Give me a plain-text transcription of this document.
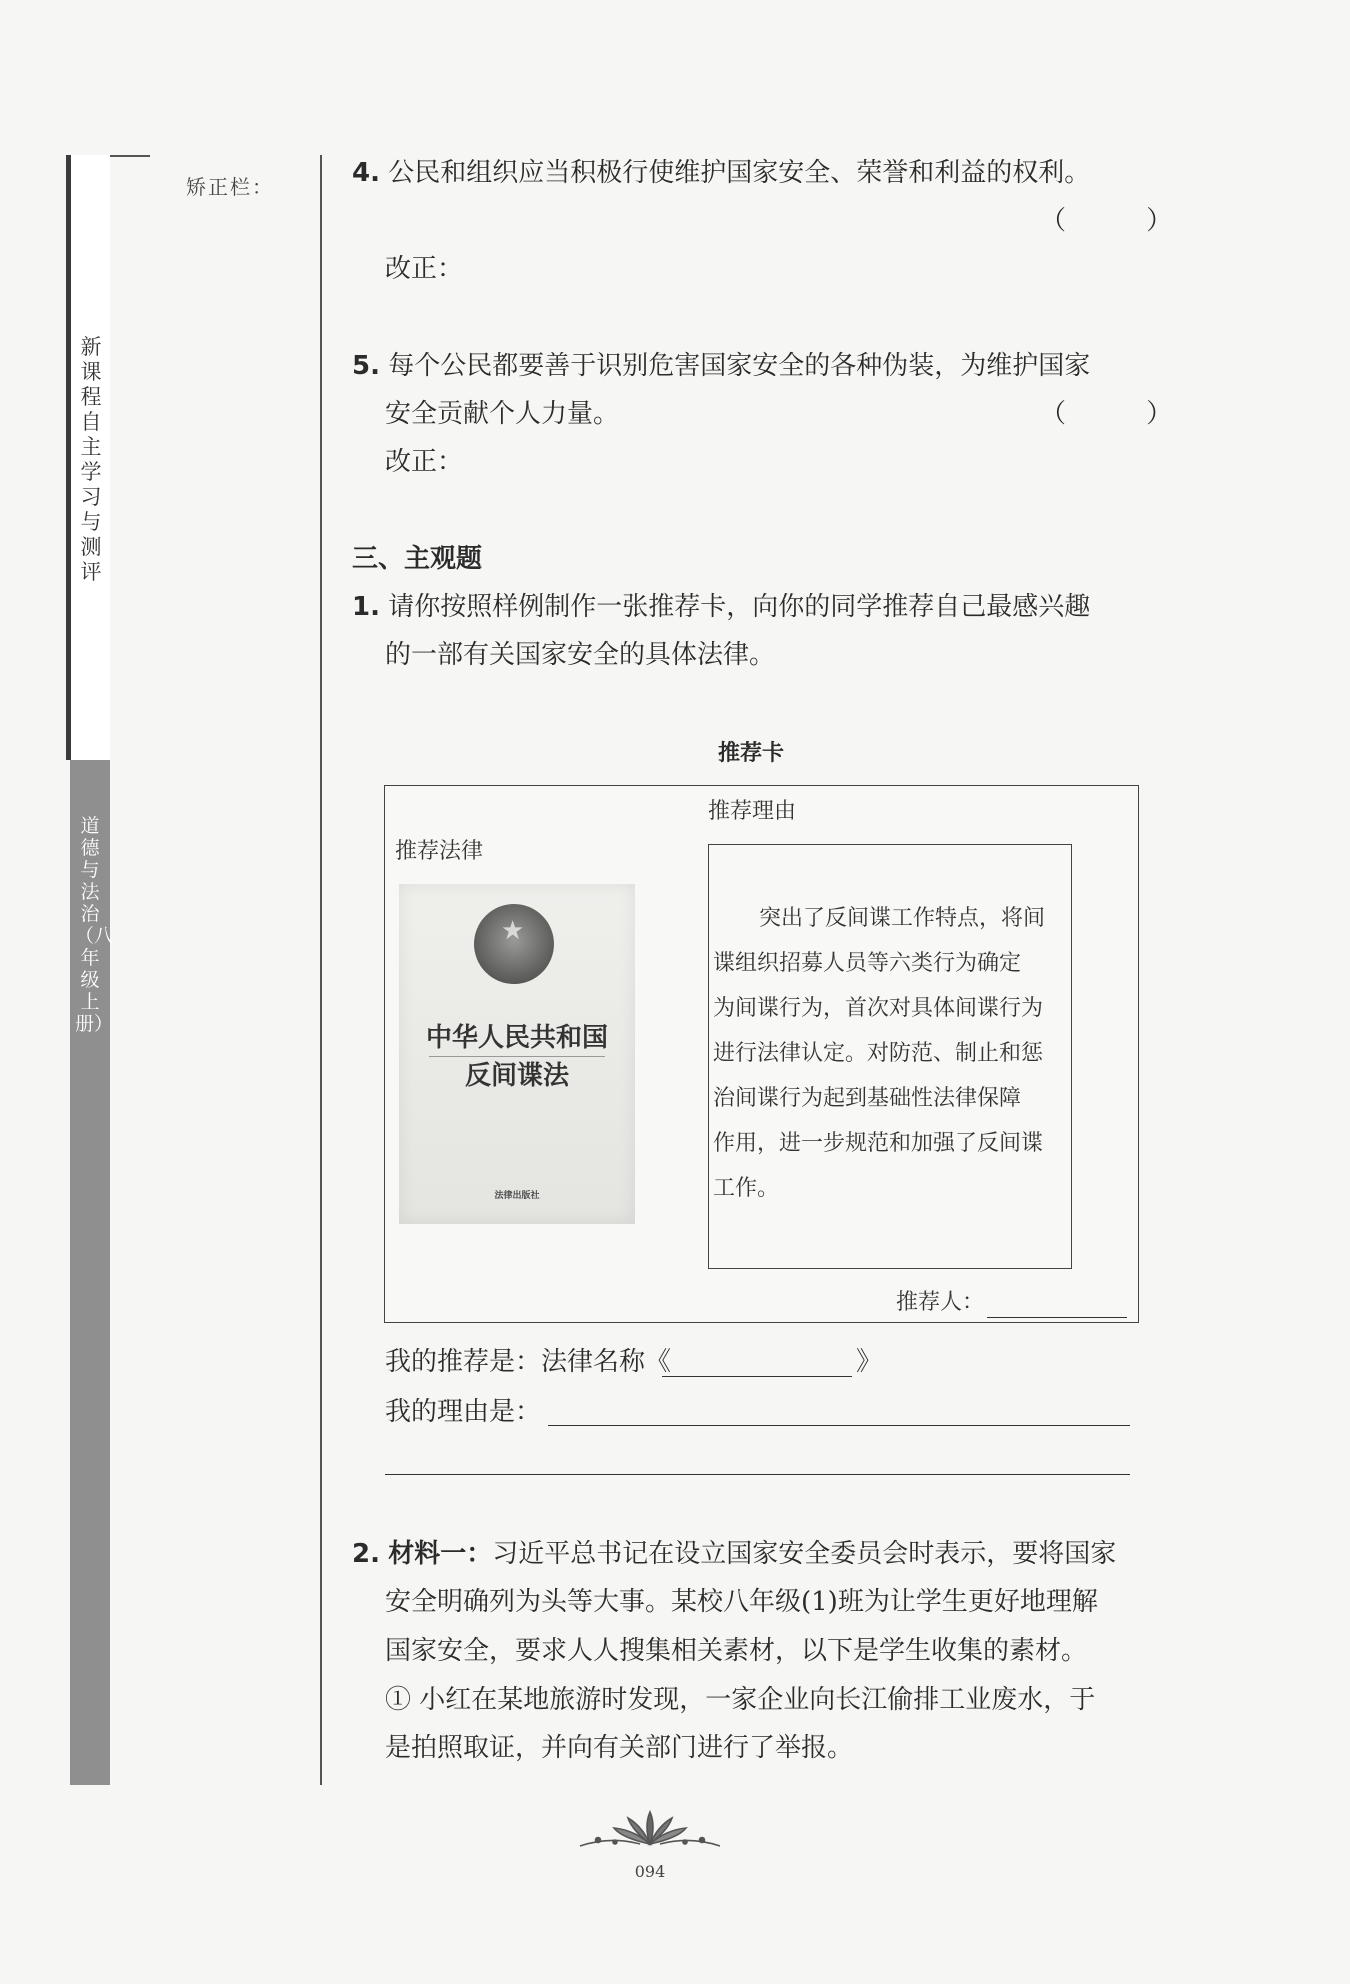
新课程自主学习与测评
道德与法治（八年级上册）
矫正栏：	4. 公民和组织应当积极行使维护国家安全、荣誉和利益的权利。
（ ）
改正：
5. 每个公民都要善于识别危害国家安全的各种伪装，为维护国家
安全贡献个人力量。	（ ）
改正：
三、主观题
1. 请你按照样例制作一张推荐卡，向你的同学推荐自己最感兴趣
的一部有关国家安全的具体法律。
推荐卡
推荐理由
推荐法律
★
中华人民共和国
反间谍法
法律出版社
突出了反间谍工作特点，将间
谍组织招募人员等六类行为确定
为间谍行为，首次对具体间谍行为
进行法律认定。对防范、制止和惩
治间谍行为起到基础性法律保障
作用，进一步规范和加强了反间谍
工作。
推荐人：
我的推荐是：法律名称《	》
我的理由是：
2. 材料一：习近平总书记在设立国家安全委员会时表示，要将国家
安全明确列为头等大事。某校八年级(1)班为让学生更好地理解
国家安全，要求人人搜集相关素材，以下是学生收集的素材。
① 小红在某地旅游时发现，一家企业向长江偷排工业废水，于
是拍照取证，并向有关部门进行了举报。
094
